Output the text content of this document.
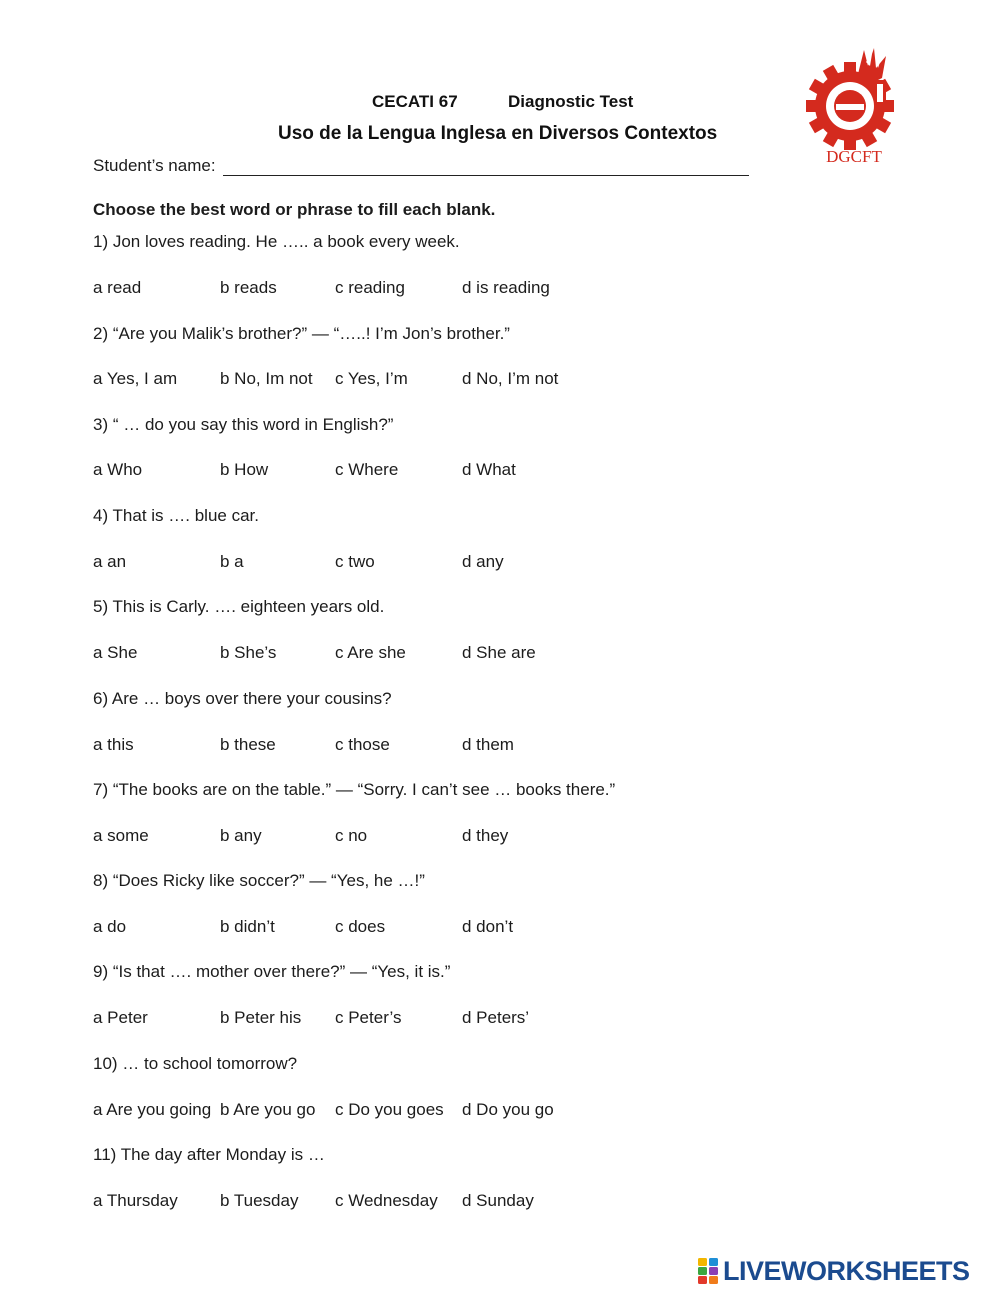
CECATI 67	Diagnostic Test
Uso de la Lengua Inglesa en Diversos Contextos
Student’s name:	DGCFT
Choose the best word or phrase to fill each blank.
1) Jon loves reading. He ….. a book every week.
a read	b reads	c reading	d is reading
2) “Are you Malik’s brother?” — “…..! I’m Jon’s brother.”
a Yes, I am	b No, Im not c Yes, I’m	d No, I’m not
3) “ … do you say this word in English?”
a Who	b How	c Where	d What
4) That is …. blue car.
a an	b a	c two	d any
5) This is Carly. …. eighteen years old.
a She	b She’s	c Are she	d She are
6) Are … boys over there your cousins?
a this	b these	c those	d them
7) “The books are on the table.” — “Sorry. I can’t see … books there.”
a some	b any	c no	d they
8) “Does Ricky like soccer?” — “Yes, he …!”
a do	b didn’t	c does	d don’t
9) “Is that …. mother over there?” — “Yes, it is.”
a Peter	b Peter his c Peter’s	d Peters’
10) … to school tomorrow?
a Are you going b Are you go c Do you goes d Do you go
11) The day after Monday is …
a Thursday b Tuesday c Wednesday d Sunday
LIVEWORKSHEETS
